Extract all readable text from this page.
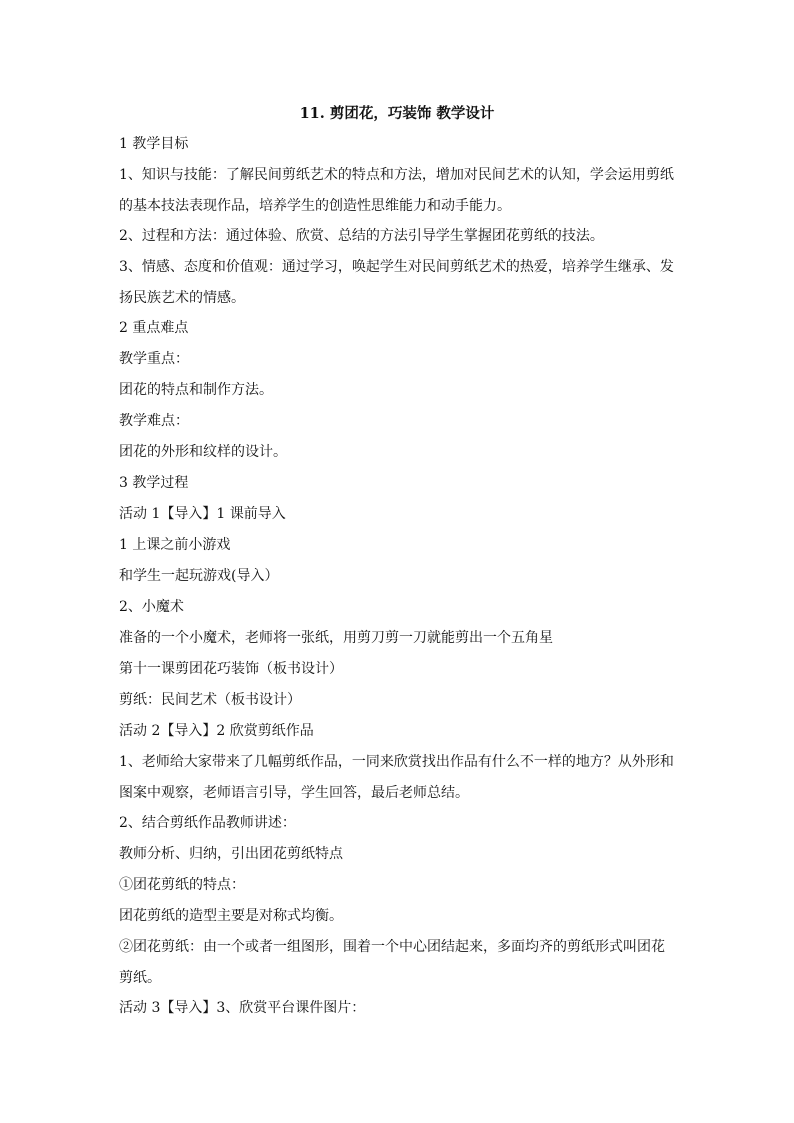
11. 剪团花，巧装饰 教学设计
1 教学目标
1、知识与技能：了解民间剪纸艺术的特点和方法，增加对民间艺术的认知，学会运用剪纸
的基本技法表现作品，培养学生的创造性思维能力和动手能力。
2、过程和方法：通过体验、欣赏、总结的方法引导学生掌握团花剪纸的技法。
3、情感、态度和价值观：通过学习，唤起学生对民间剪纸艺术的热爱，培养学生继承、发
扬民族艺术的情感。
2 重点难点
教学重点：
团花的特点和制作方法。
教学难点：
团花的外形和纹样的设计。
3 教学过程
活动 1【导入】1 课前导入
1 上课之前小游戏
和学生一起玩游戏(导入）
2、小魔术
准备的一个小魔术，老师将一张纸，用剪刀剪一刀就能剪出一个五角星
第十一课剪团花巧装饰（板书设计）
剪纸：民间艺术（板书设计）
活动 2【导入】2 欣赏剪纸作品
1、老师给大家带来了几幅剪纸作品，一同来欣赏找出作品有什么不一样的地方？从外形和
图案中观察，老师语言引导，学生回答，最后老师总结。
2、结合剪纸作品教师讲述：
教师分析、归纳，引出团花剪纸特点
①团花剪纸的特点：
团花剪纸的造型主要是对称式均衡。
②团花剪纸：由一个或者一组图形，围着一个中心团结起来，多面均齐的剪纸形式叫团花
剪纸。
活动 3【导入】3、欣赏平台课件图片：
